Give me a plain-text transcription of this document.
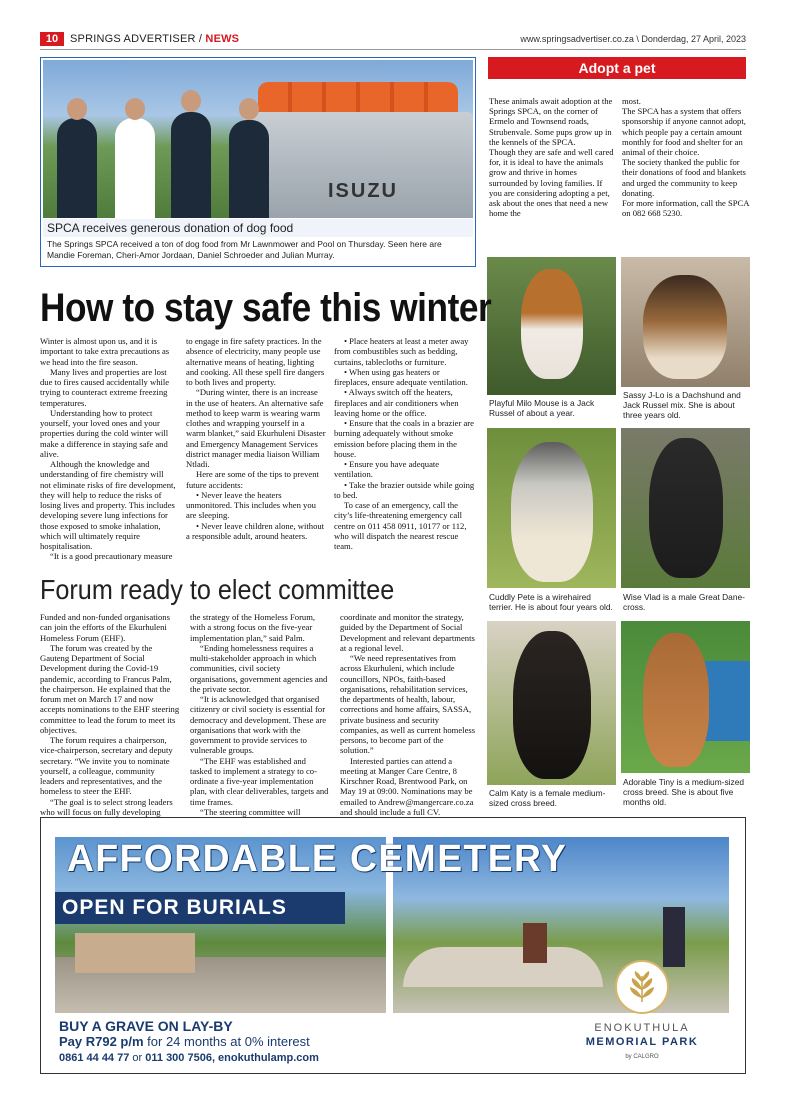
10	SPRINGS ADVERTISER / NEWS	www.springsadvertiser.co.za \ Donderdag, 27 April, 2023
ISUZU
SPCA receives generous donation of dog food
The Springs SPCA received a ton of dog food from Mr Lawnmower and Pool on Thursday. Seen here are Mandie Foreman, Cheri-Amor Jordaan, Daniel Schroeder and Julian Murray.
Adopt a pet

These animals await adoption at the Springs SPCA, on the corner of Ermelo and Townsend roads, Strubenvale. Some pups grow up in the kennels of the SPCA.

Though they are safe and well cared for, it is ideal to have the animals grow and thrive in homes surrounded by loving families. If you are considering adopting a pet, ask about the ones that need a new home the

most.

The SPCA has a system that offers sponsorship if anyone cannot adopt, which people pay a certain amount monthly for food and shelter for an animal of their choice.

The society thanked the public for their donations of food and blankets and urged the community to keep donating.

For more information, call the SPCA on 082 668 5230.

Playful Milo Mouse is a Jack Russel of about a year.
Sassy J-Lo is a Dachshund and Jack Russel mix. She is about three years old.
Cuddly Pete is a wirehaired terrier. He is about four years old.
Wise Vlad is a male Great Dane-cross.
Calm Katy is a female medium-sized cross breed.
Adorable Tiny is a medium-sized cross breed. She is about five months old.
How to stay safe this winter

Winter is almost upon us, and it is important to take extra precautions as we head into the fire season.

Many lives and properties are lost due to fires caused accidentally while trying to counteract extreme freezing temperatures.

Understanding how to protect yourself, your loved ones and your properties during the cold winter will make a difference in staying safe and alive.

Although the knowledge and understanding of fire chemistry will not eliminate risks of fire development, they will help to reduce the risks of losing lives and property. This includes developing severe lung infections for those exposed to smoke inhalation, which will ultimately require hospitalisation.

“It is a good precautionary measure

to engage in fire safety practices. In the absence of electricity, many people use alternative means of heating, lighting and cooking. All these spell fire dangers to both lives and property.

“During winter, there is an increase in the use of heaters. An alternative safe method to keep warm is wearing warm clothes and wrapping yourself in a warm blanket,” said Ekurhuleni Disaster and Emergency Management Services district manager media liaison William Ntladi.

Here are some of the tips to prevent future accidents:

• Never leave the heaters unmonitored. This includes when you are sleeping.

• Never leave children alone, without a responsible adult, around heaters.

• Place heaters at least a meter away from combustibles such as bedding, curtains, tablecloths or furniture.

• When using gas heaters or fireplaces, ensure adequate ventilation.

• Always switch off the heaters, fireplaces and air conditioners when leaving home or the office.

• Ensure that the coals in a brazier are burning adequately without smoke emission before placing them in the house.

• Ensure you have adequate ventilation.

• Take the brazier outside while going to bed.

To case of an emergency, call the city’s life-threatening emergency call centre on 011 458 0911, 10177 or 112, who will dispatch the nearest rescue team.

Forum ready to elect committee

Funded and non-funded organisations can join the efforts of the Ekurhuleni Homeless Forum (EHF).

The forum was created by the Gauteng Department of Social Development during the Covid-19 pandemic, according to Francus Palm, the chairperson. He explained that the forum met on March 17 and now accepts nominations to the EHF steering committee to lead the forum to meet its objectives.

The forum requires a chairperson, vice-chairperson, secretary and deputy secretary. “We invite you to nominate yourself, a colleague, community leaders and representatives, and the homeless to steer the EHF.

“The goal is to select strong leaders who will focus on fully developing

the strategy of the Homeless Forum, with a strong focus on the five-year implementation plan,” said Palm.

“Ending homelessness requires a multi-stakeholder approach in which communities, civil society organisations, government agencies and the private sector.

“It is acknowledged that organised citizenry or civil society is essential for democracy and development. These are organisations that work with the government to provide services to vulnerable groups.

“The EHF was established and tasked to implement a strategy to co-ordinate a five-year implementation plan, with clear deliverables, targets and time frames.

“The steering committee will

coordinate and monitor the strategy, guided by the Department of Social Development and relevant departments at a regional level.

“We need representatives from across Ekurhuleni, which include councillors, NPOs, faith-based organisations, rehabilitation services, the departments of health, labour, corrections and home affairs, SASSA, private business and security companies, as well as current homeless persons, to become part of the solution.”

Interested parties can attend a meeting at Manger Care Centre, 8 Kirschner Road, Brentwood Park, on May 19 at 09:00. Nominations may be emailed to Andrew@mangercare.co.za and should include a full CV.

AFFORDABLE CEMETERY
OPEN FOR BURIALS
BUY A GRAVE ON LAY-BY
Pay R792 p/m for 24 months at 0% interest
0861 44 44 77 or 011 300 7506, enokuthulamp.com
ENOKUTHULA
MEMORIAL PARK
by CALGRO
